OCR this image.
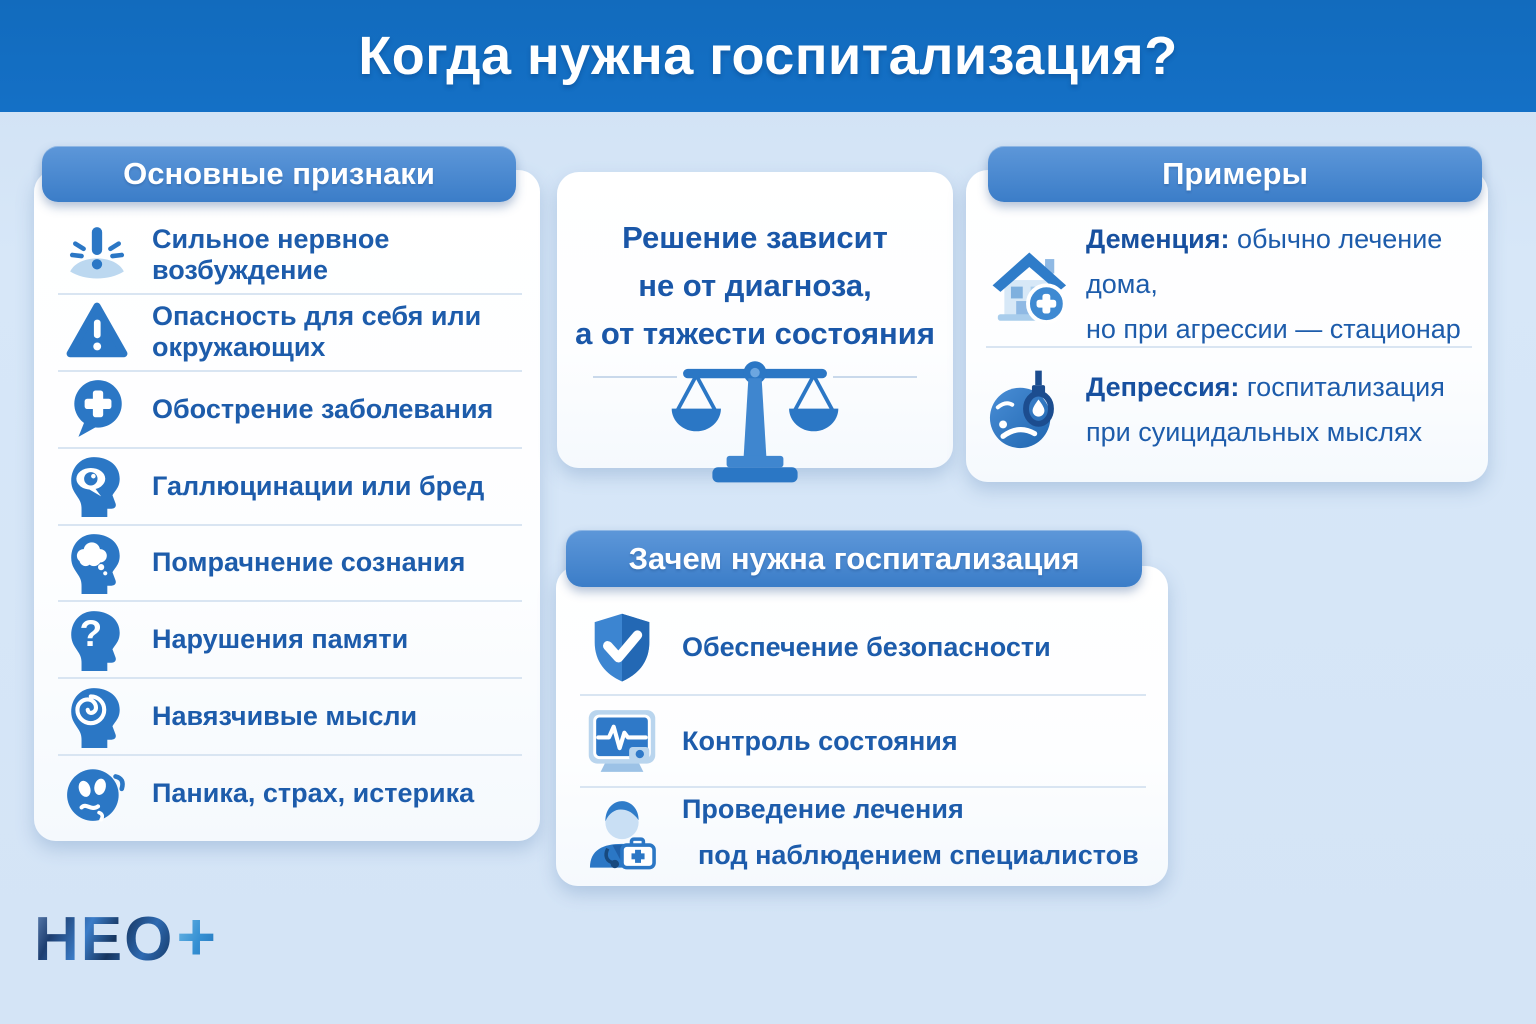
Когда нужна госпитализация?
Основные признаки	Примеры
Зачем нужна госпитализация
Сильное нервное возбуждение
Опасность для себя или окружающих
Обострение заболевания
Галлюцинации или бред
Помрачнение сознания
? Нарушения памяти
Навязчивые мысли
Паника, страх, истерика
Решение зависит
не от диагноза,
а от тяжести состояния
Деменция: обычно лечение дома,
но при агрессии — стационар
Депрессия: госпитализация
при суицидальных мыслях
Обеспечение безопасности
Контроль состояния
Проведение лечения
под наблюдением специалистов
НЕО +
